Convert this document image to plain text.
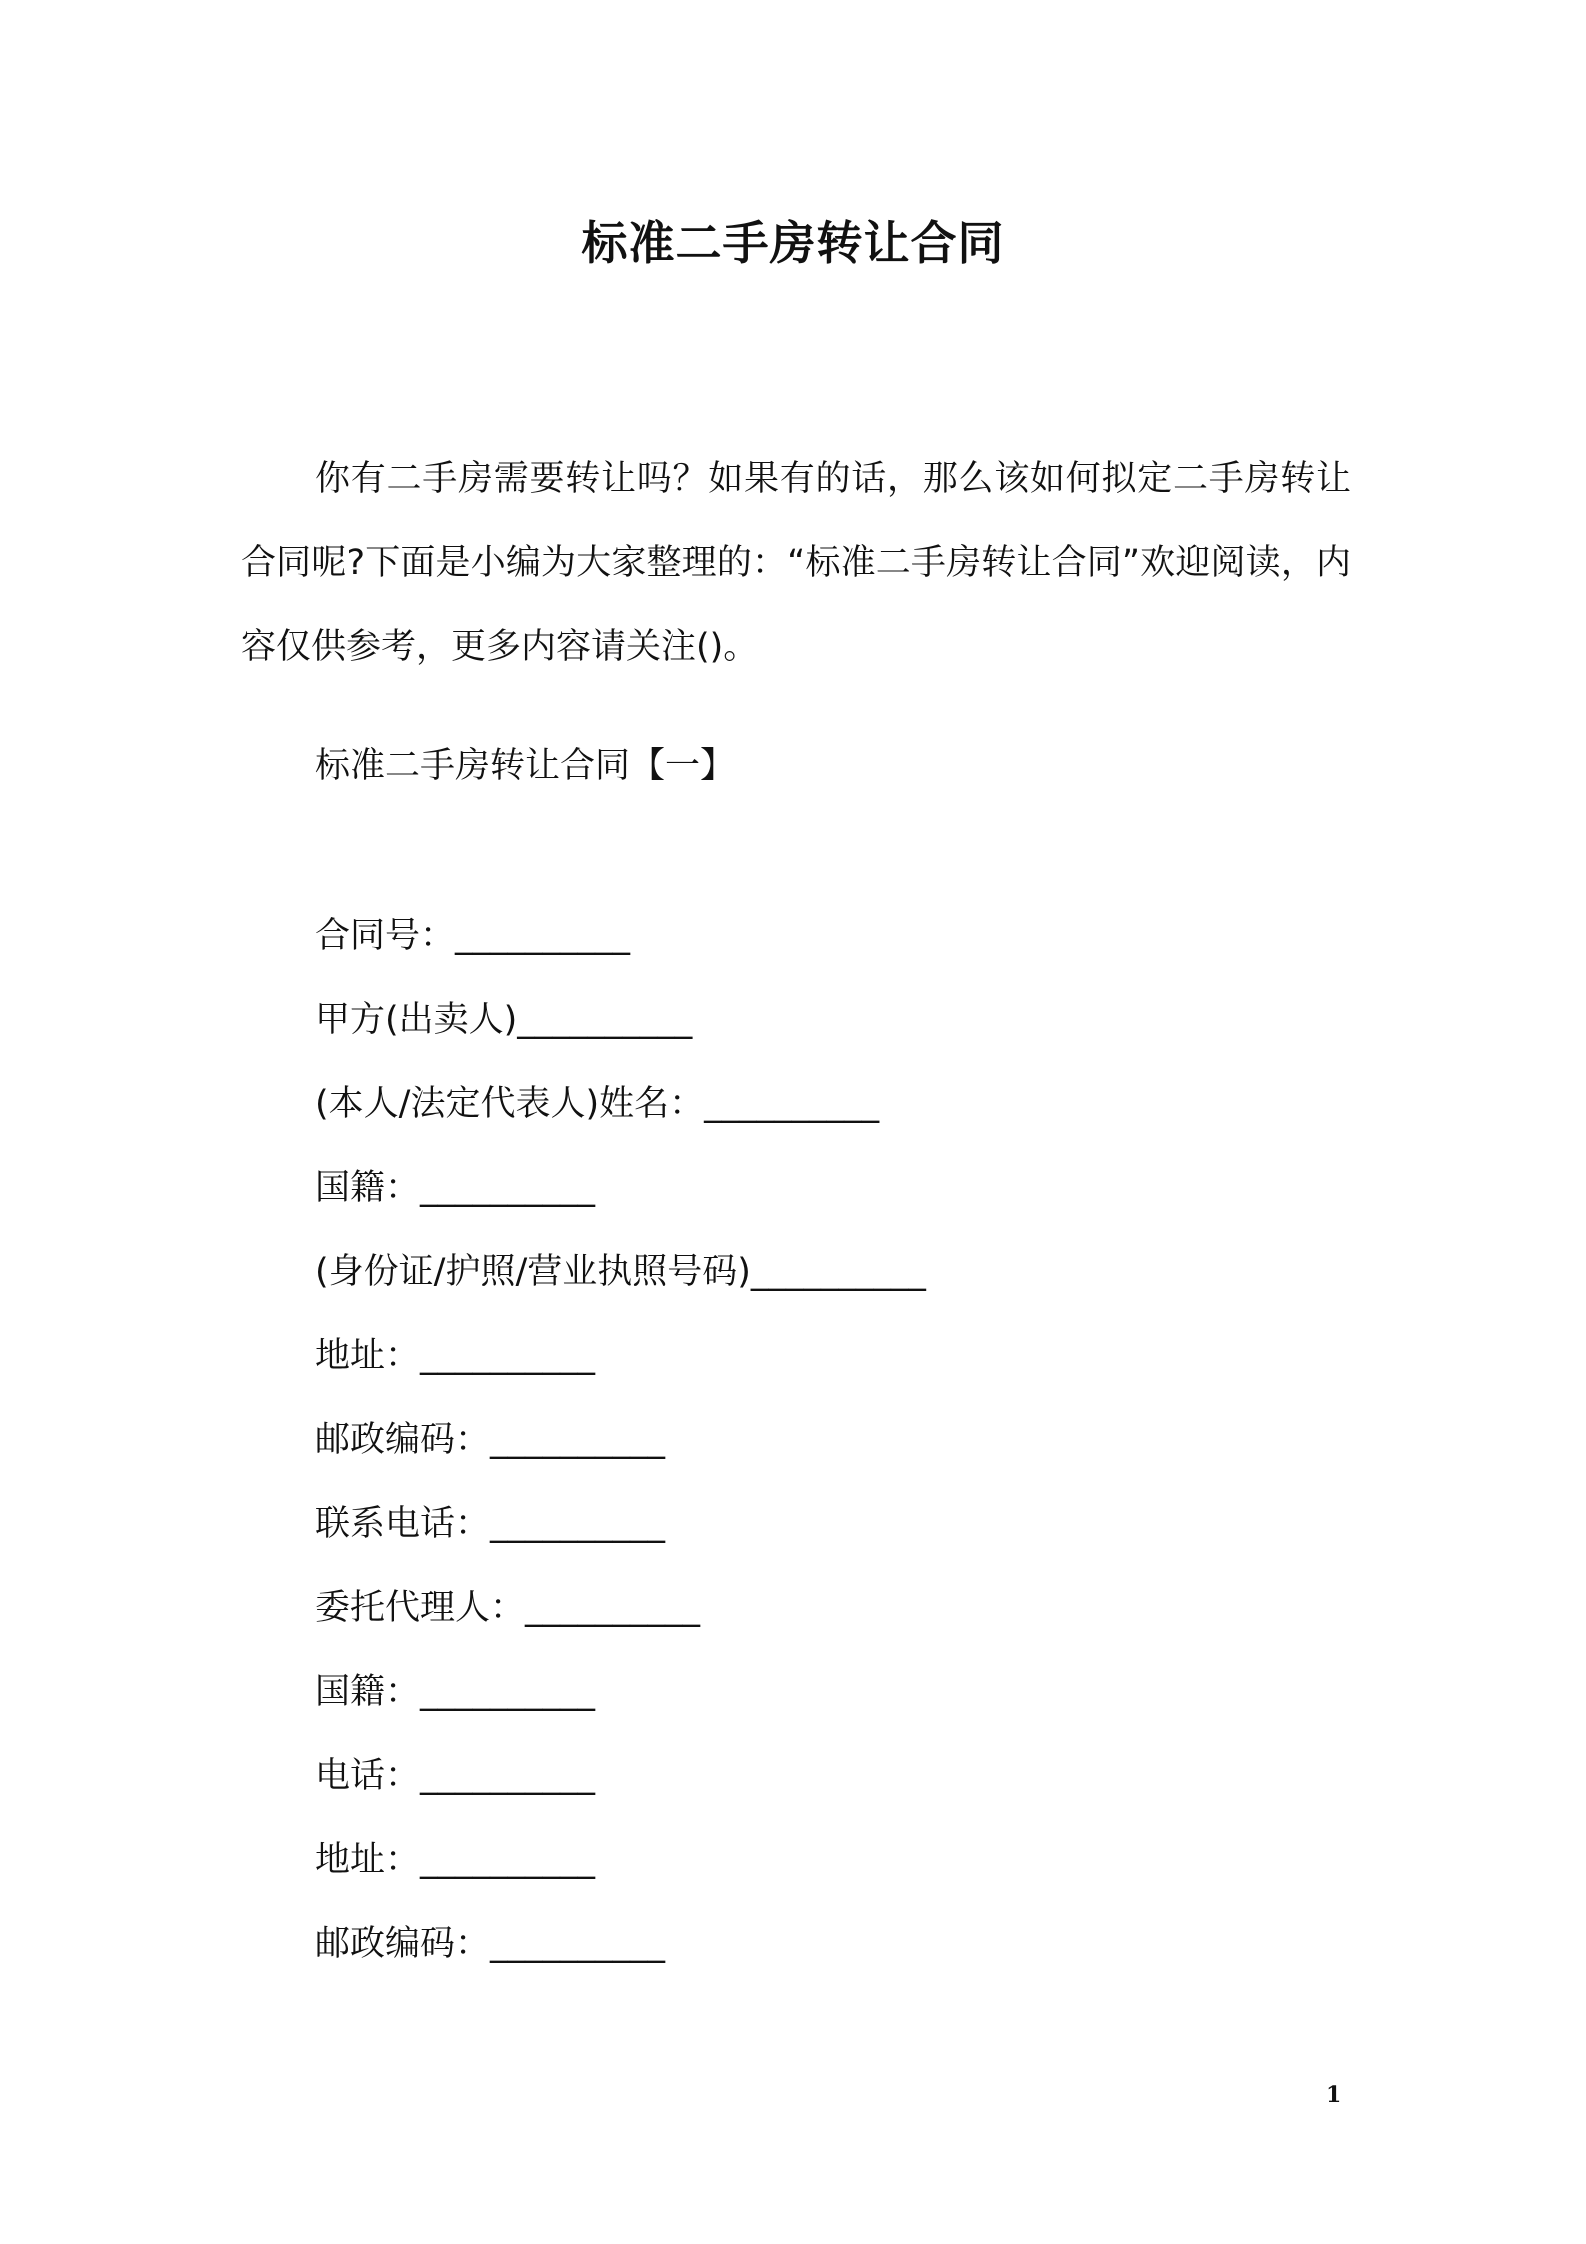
标准二手房转让合同

你有二手房需要转让吗？如果有的话，那么该如何拟定二手房转让合同呢?下面是小编为大家整理的：“标准二手房转让合同”欢迎阅读，内容仅供参考，更多内容请关注()。

标准二手房转让合同【一】
合同号：__________
甲方(出卖人)__________
(本人/法定代表人)姓名：__________
国籍：__________
(身份证/护照/营业执照号码)__________
地址：__________
邮政编码：__________
联系电话：__________
委托代理人：__________
国籍：__________
电话：__________
地址：__________
邮政编码：__________
1
